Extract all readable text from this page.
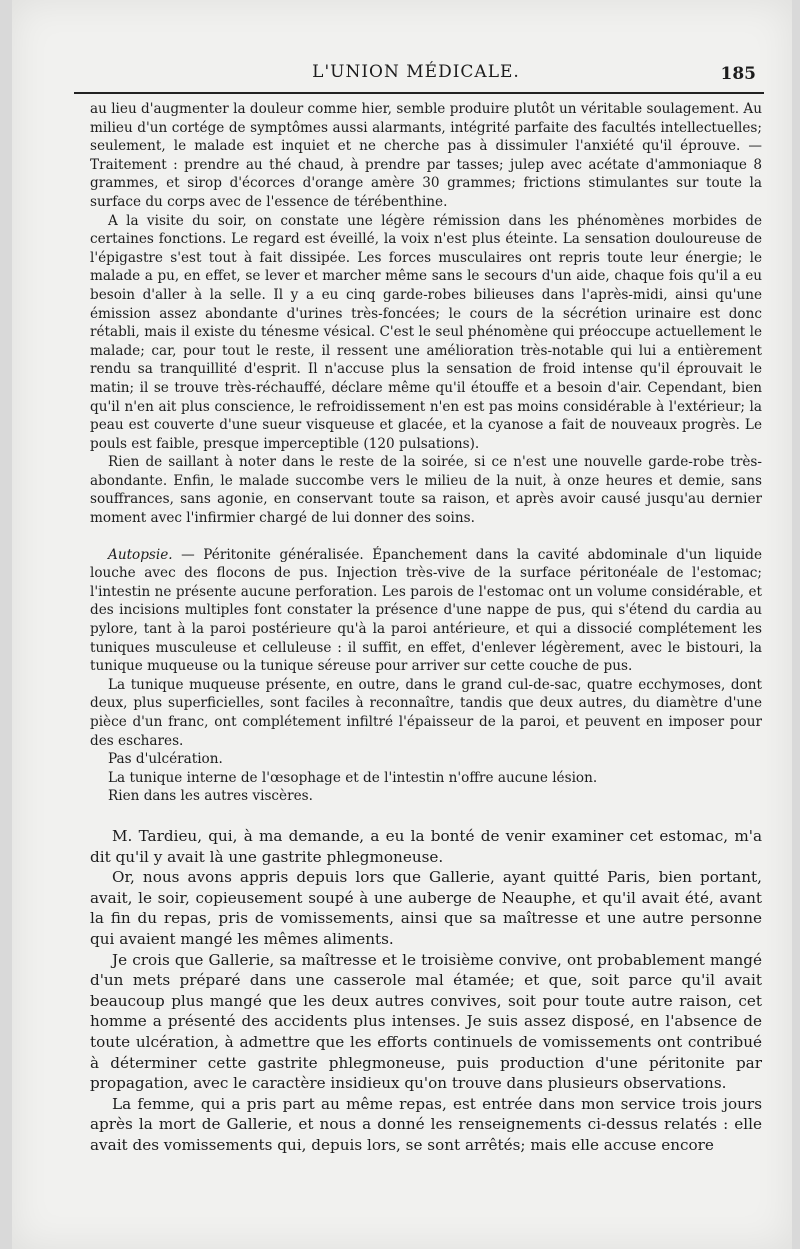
L'UNION MÉDICALE.	185

au lieu d'augmenter la douleur comme hier, semble produire plutôt un véritable soulagement. Au milieu d'un cortége de symptômes aussi alarmants, intégrité parfaite des facultés intellectuelles; seulement, le malade est inquiet et ne cherche pas à dissimuler l'anxiété qu'il éprouve. — Traitement : prendre au thé chaud, à prendre par tasses; julep avec acétate d'ammoniaque 8 grammes, et sirop d'écorces d'orange amère 30 grammes; frictions stimulantes sur toute la surface du corps avec de l'essence de térébenthine.

A la visite du soir, on constate une légère rémission dans les phénomènes morbides de certaines fonctions. Le regard est éveillé, la voix n'est plus éteinte. La sensation douloureuse de l'épigastre s'est tout à fait dissipée. Les forces musculaires ont repris toute leur énergie; le malade a pu, en effet, se lever et marcher même sans le secours d'un aide, chaque fois qu'il a eu besoin d'aller à la selle. Il y a eu cinq garde-robes bilieuses dans l'après-midi, ainsi qu'une émission assez abondante d'urines très-foncées; le cours de la sécrétion urinaire est donc rétabli, mais il existe du ténesme vésical. C'est le seul phénomène qui préoccupe actuellement le malade; car, pour tout le reste, il ressent une amélioration très-notable qui lui a entièrement rendu sa tranquillité d'esprit. Il n'accuse plus la sensation de froid intense qu'il éprouvait le matin; il se trouve très-réchauffé, déclare même qu'il étouffe et a besoin d'air. Cependant, bien qu'il n'en ait plus conscience, le refroidissement n'en est pas moins considérable à l'extérieur; la peau est couverte d'une sueur visqueuse et glacée, et la cyanose a fait de nouveaux progrès. Le pouls est faible, presque imperceptible (120 pulsations).

Rien de saillant à noter dans le reste de la soirée, si ce n'est une nouvelle garde-robe très-abondante. Enfin, le malade succombe vers le milieu de la nuit, à onze heures et demie, sans souffrances, sans agonie, en conservant toute sa raison, et après avoir causé jusqu'au dernier moment avec l'infirmier chargé de lui donner des soins.

Autopsie. — Péritonite généralisée. Épanchement dans la cavité abdominale d'un liquide louche avec des flocons de pus. Injection très-vive de la surface péritonéale de l'estomac; l'intestin ne présente aucune perforation. Les parois de l'estomac ont un volume considérable, et des incisions multiples font constater la présence d'une nappe de pus, qui s'étend du cardia au pylore, tant à la paroi postérieure qu'à la paroi antérieure, et qui a dissocié complétement les tuniques musculeuse et celluleuse : il suffit, en effet, d'enlever légèrement, avec le bistouri, la tunique muqueuse ou la tunique séreuse pour arriver sur cette couche de pus.

La tunique muqueuse présente, en outre, dans le grand cul-de-sac, quatre ecchymoses, dont deux, plus superficielles, sont faciles à reconnaître, tandis que deux autres, du diamètre d'une pièce d'un franc, ont complétement infiltré l'épaisseur de la paroi, et peuvent en imposer pour des eschares.

Pas d'ulcération.

La tunique interne de l'œsophage et de l'intestin n'offre aucune lésion.

Rien dans les autres viscères.

M. Tardieu, qui, à ma demande, a eu la bonté de venir examiner cet estomac, m'a dit qu'il y avait là une gastrite phlegmoneuse.

Or, nous avons appris depuis lors que Gallerie, ayant quitté Paris, bien portant, avait, le soir, copieusement soupé à une auberge de Neauphe, et qu'il avait été, avant la fin du repas, pris de vomissements, ainsi que sa maîtresse et une autre personne qui avaient mangé les mêmes aliments.

Je crois que Gallerie, sa maîtresse et le troisième convive, ont probablement mangé d'un mets préparé dans une casserole mal étamée; et que, soit parce qu'il avait beaucoup plus mangé que les deux autres convives, soit pour toute autre raison, cet homme a présenté des accidents plus intenses. Je suis assez disposé, en l'absence de toute ulcération, à admettre que les efforts continuels de vomissements ont contribué à déterminer cette gastrite phlegmoneuse, puis production d'une péritonite par propagation, avec le caractère insidieux qu'on trouve dans plusieurs observations.

La femme, qui a pris part au même repas, est entrée dans mon service trois jours après la mort de Gallerie, et nous a donné les renseignements ci-dessus relatés : elle avait des vomissements qui, depuis lors, se sont arrêtés; mais elle accuse encore
